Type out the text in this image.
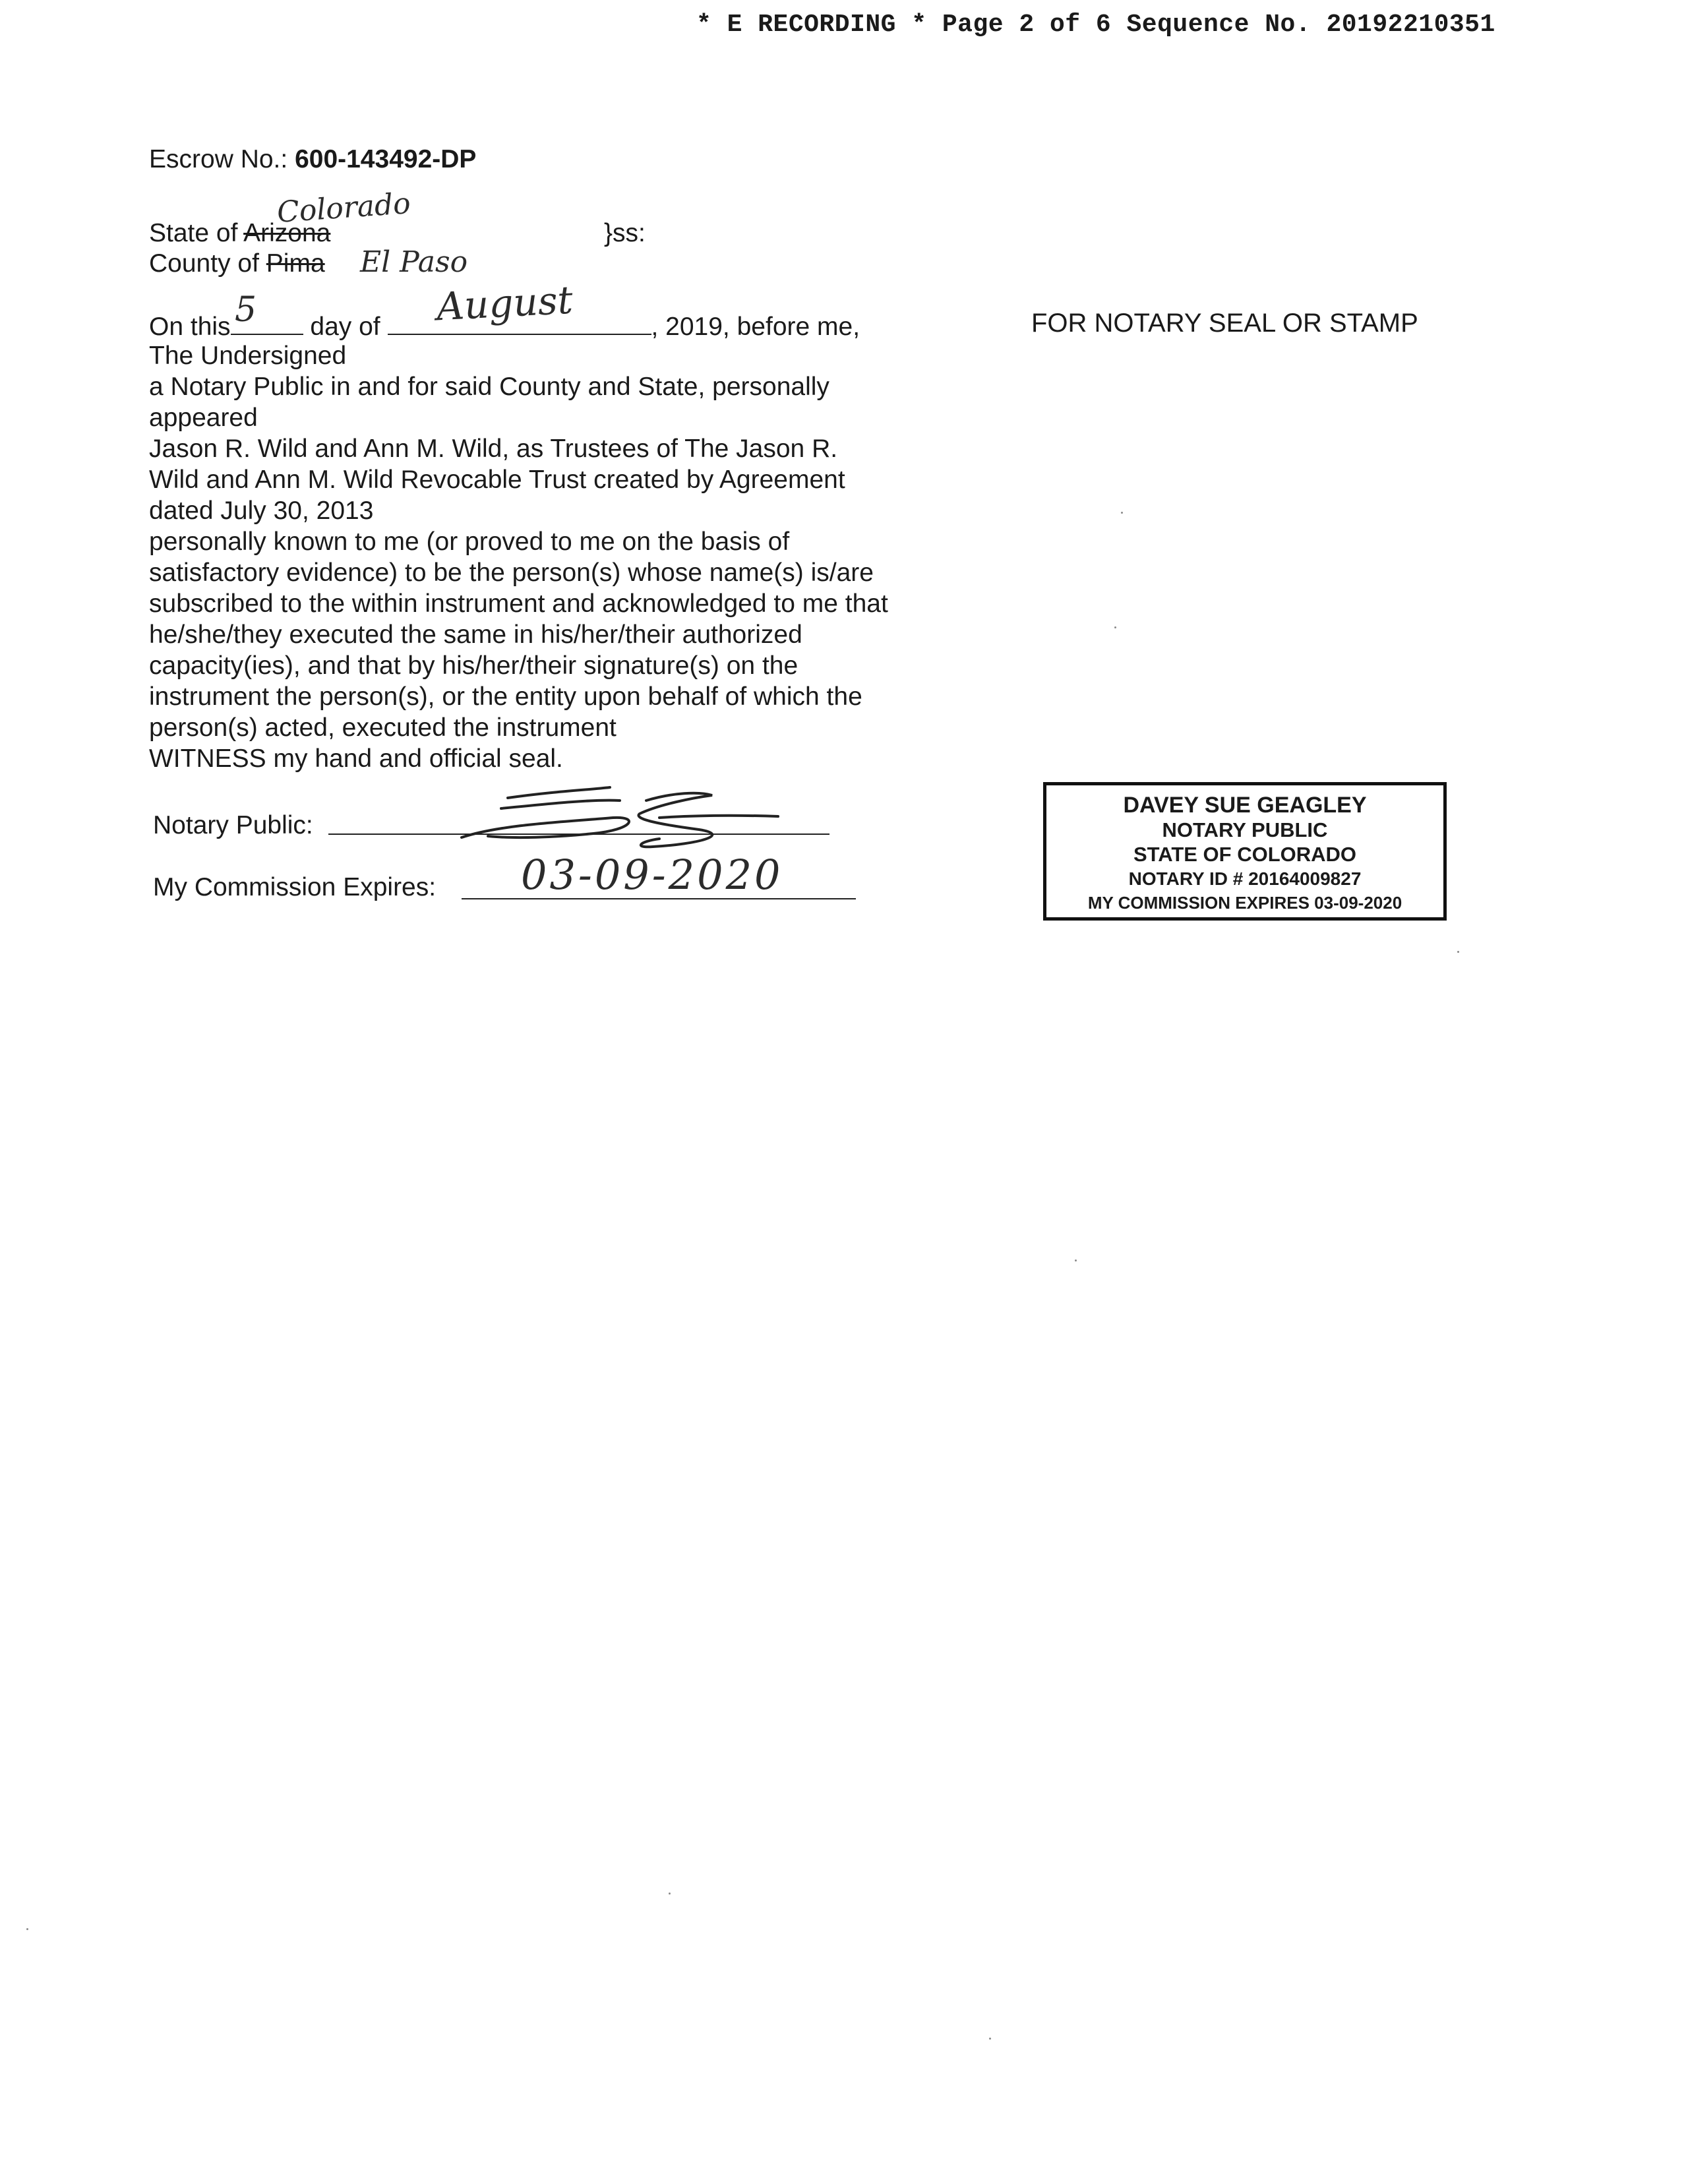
* E RECORDING * Page 2 of 6 Sequence No. 20192210351
Escrow No.: 600-143492-DP
Colorado
State of Arizona	}ss:
County of Pima El Paso
5	August
On this	day of	, 2019, before me,
The Undersigned
a Notary Public in and for said County and State, personally
appeared
Jason R. Wild and Ann M. Wild, as Trustees of The Jason R.
Wild and Ann M. Wild Revocable Trust created by Agreement
dated July 30, 2013
personally known to me (or proved to me on the basis of
satisfactory evidence) to be the person(s) whose name(s) is/are
subscribed to the within instrument and acknowledged to me that
he/she/they executed the same in his/her/their authorized
capacity(ies), and that by his/her/their signature(s) on the
instrument the person(s), or the entity upon behalf of which the
person(s) acted, executed the instrument
WITNESS my hand and official seal.
Notary Public:
My Commission Expires: 03-09-2020
FOR NOTARY SEAL OR STAMP
DAVEY SUE GEAGLEY
NOTARY PUBLIC
STATE OF COLORADO
NOTARY ID # 20164009827
MY COMMISSION EXPIRES 03-09-2020
